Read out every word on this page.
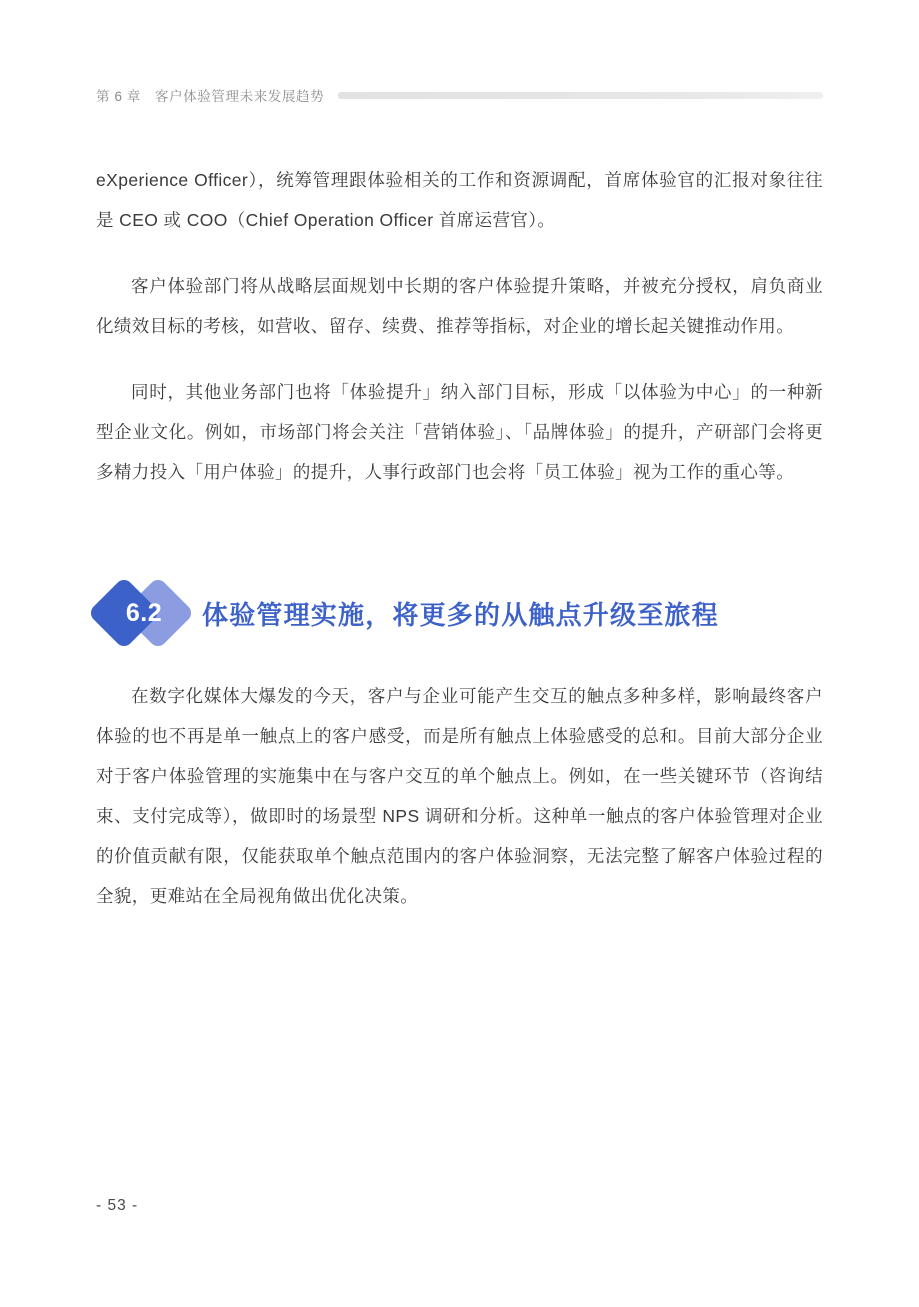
第 6 章 客户体验管理未来发展趋势

eXperience Officer），统筹管理跟体验相关的工作和资源调配，首席体验官的汇报对象往往是 CEO 或 COO（Chief Operation Officer 首席运营官）。

客户体验部门将从战略层面规划中长期的客户体验提升策略，并被充分授权，肩负商业化绩效目标的考核，如营收、留存、续费、推荐等指标，对企业的增长起关键推动作用。

同时，其他业务部门也将「体验提升」纳入部门目标，形成「以体验为中心」的一种新型企业文化。例如，市场部门将会关注「营销体验」、「品牌体验」的提升，产研部门会将更多精力投入「用户体验」的提升，人事行政部门也会将「员工体验」视为工作的重心等。

6.2	体验管理实施，将更多的从触点升级至旅程

在数字化媒体大爆发的今天，客户与企业可能产生交互的触点多种多样，影响最终客户体验的也不再是单一触点上的客户感受，而是所有触点上体验感受的总和。目前大部分企业对于客户体验管理的实施集中在与客户交互的单个触点上。例如，在一些关键环节（咨询结束、支付完成等），做即时的场景型 NPS 调研和分析。这种单一触点的客户体验管理对企业的价值贡献有限，仅能获取单个触点范围内的客户体验洞察，无法完整了解客户体验过程的全貌，更难站在全局视角做出优化决策。

- 53 -
